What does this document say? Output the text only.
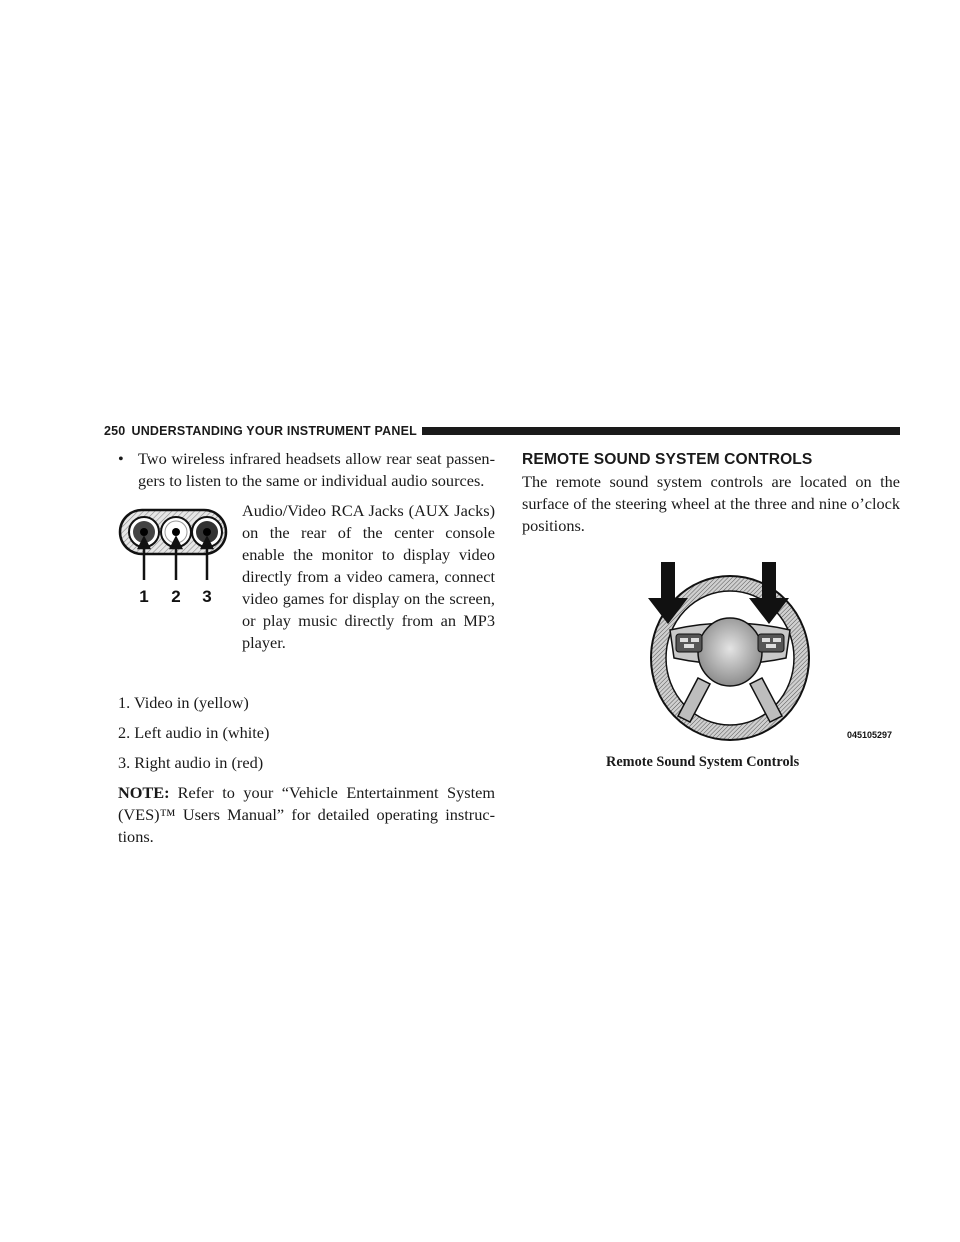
250 UNDERSTANDING YOUR INSTRUMENT PANEL
• Two wireless infrared headsets allow rear seat passen-gers to listen to the same or individual audio sources.
1 2 3
Audio/Video RCA Jacks (AUX Jacks) on the rear of the center console enable the monitor to display video directly from a video camera, connect video games for display on the screen, or play music directly from an MP3 player.
1. Video in (yellow)
2. Left audio in (white)
3. Right audio in (red)
NOTE: Refer to your “Vehicle Entertainment System (VES)™ Users Manual” for detailed operating instruc-tions.
REMOTE SOUND SYSTEM CONTROLS
The remote sound system controls are located on the surface of the steering wheel at the three and nine o’clock positions.
045105297
Remote Sound System Controls
